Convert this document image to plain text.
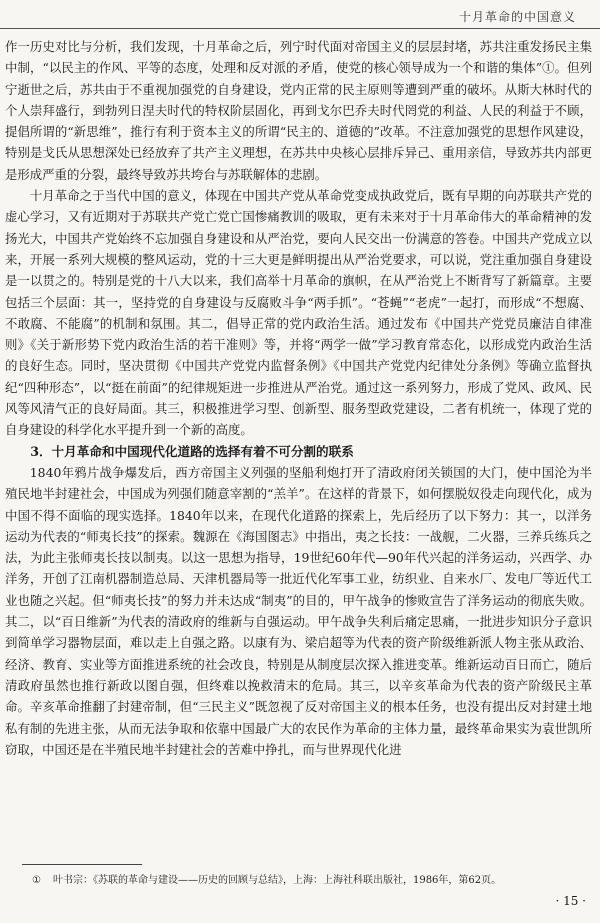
十月革命的中国意义

作一历史对比与分析，我们发现，十月革命之后，列宁时代面对帝国主义的层层封堵，苏共注重发扬民主集中制，“以民主的作风、平等的态度，处理和反对派的矛盾，使党的核心领导成为一个和谐的集体”①。但列宁逝世之后，苏共由于不重视加强党的自身建设，党内正常的民主原则等遭到严重的破坏。从斯大林时代的个人崇拜盛行，到勃列日涅夫时代的特权阶层固化，再到戈尔巴乔夫时代罔党的利益、人民的利益于不顾，提倡所谓的“新思维”，推行有利于资本主义的所谓“民主的、道德的”改革。不注意加强党的思想作风建设，特别是戈氏从思想深处已经放弃了共产主义理想，在苏共中央核心层排斥异己、重用亲信，导致苏共内部更是形成严重的分裂，最终导致苏共垮台与苏联解体的悲剧。

十月革命之于当代中国的意义，体现在中国共产党从革命党变成执政党后，既有早期的向苏联共产党的虚心学习，又有近期对于苏联共产党亡党亡国惨痛教训的吸取，更有未来对于十月革命伟大的革命精神的发扬光大，中国共产党始终不忘加强自身建设和从严治党，要向人民交出一份满意的答卷。中国共产党成立以来，开展一系列大规模的整风运动，党的十三大更是鲜明提出从严治党要求，可以说，党注重加强自身建设是一以贯之的。特别是党的十八大以来，我们高举十月革命的旗帜，在从严治党上不断背写了新篇章。主要包括三个层面：其一，坚持党的自身建设与反腐败斗争“两手抓”。“苍蝇”“老虎”一起打，而形成“不想腐、不敢腐、不能腐”的机制和氛围。其二，倡导正常的党内政治生活。通过发布《中国共产党党员廉洁自律准则》《关于新形势下党内政治生活的若干准则》等，并将“两学一做”学习教育常态化，以形成党内政治生活的良好生态。同时，坚决贯彻《中国共产党党内监督条例》《中国共产党党内纪律处分条例》等确立监督执纪“四种形态”，以“挺在前面”的纪律规矩进一步推进从严治党。通过这一系列努力，形成了党风、政风、民风等风清气正的良好局面。其三，积极推进学习型、创新型、服务型政党建设，二者有机统一，体现了党的自身建设的科学化水平提升到一个新的高度。

3．十月革命和中国现代化道路的选择有着不可分割的联系

1840年鸦片战争爆发后，西方帝国主义列强的坚船利炮打开了清政府闭关锁国的大门，使中国沦为半殖民地半封建社会，中国成为列强们随意宰割的“羔羊”。在这样的背景下，如何摆脱奴役走向现代化，成为中国不得不面临的现实选择。1840年以来，在现代化道路的探索上，先后经历了以下努力：其一，以洋务运动为代表的“师夷长技”的探索。魏源在《海国图志》中指出，夷之长技：一战舰，二火器，三养兵练兵之法，为此主张师夷长技以制夷。以这一思想为指导，19世纪60年代—90年代兴起的洋务运动，兴西学、办洋务，开创了江南机器制造总局、天津机器局等一批近代化军事工业，纺织业、自来水厂、发电厂等近代工业也随之兴起。但“师夷长技”的努力并未达成“制夷”的目的，甲午战争的惨败宣告了洋务运动的彻底失败。其二，以“百日维新”为代表的清政府的维新与自强运动。甲午战争失利后痛定思痛，一批进步知识分子意识到简单学习器物层面，难以走上自强之路。以康有为、梁启超等为代表的资产阶级维新派人物主张从政治、经济、教育、实业等方面推进系统的社会改良，特别是从制度层次探入推进变革。维新运动百日而亡，随后清政府虽然也推行新政以图自强，但终难以挽救清末的危局。其三，以辛亥革命为代表的资产阶级民主革命。辛亥革命推翻了封建帝制，但“三民主义”既忽视了反对帝国主义的根本任务，也没有提出反对封建土地私有制的先进主张，从而无法争取和依靠中国最广大的农民作为革命的主体力量，最终革命果实为袁世凯所窃取，中国还是在半殖民地半封建社会的苦难中挣扎，而与世界现代化进

① 叶书宗：《苏联的革命与建设——历史的回顾与总结》，上海：上海社科联出版社，1986年，第62页。
· 15 ·
